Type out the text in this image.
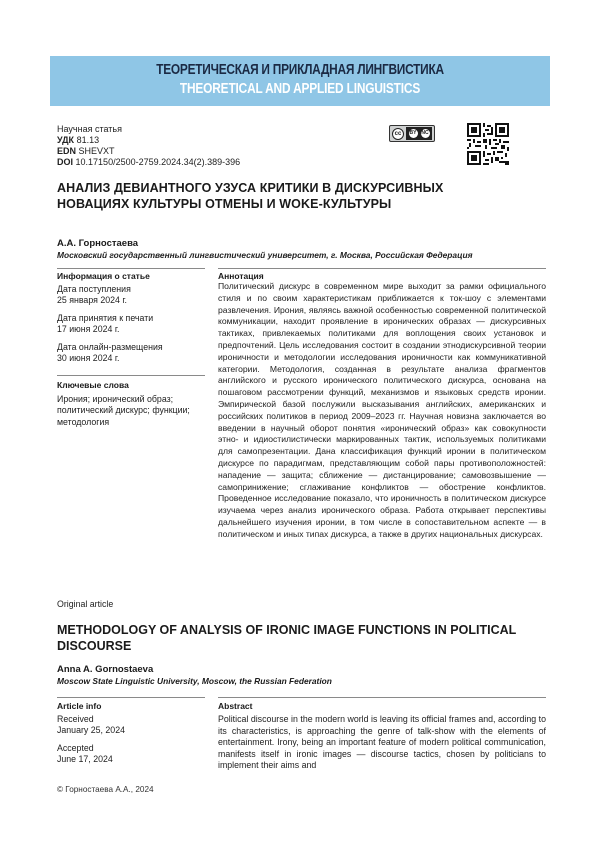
ТЕОРЕТИЧЕСКАЯ И ПРИКЛАДНАЯ ЛИНГВИСТИКА
THEORETICAL AND APPLIED LINGUISTICS
Научная статья
УДК 81.13
EDN SHEVXT
DOI 10.17150/2500-2759.2024.34(2).389-396
cc	BY NC
АНАЛИЗ ДЕВИАНТНОГО УЗУСА КРИТИКИ В ДИСКУРСИВНЫХ НОВАЦИЯХ КУЛЬТУРЫ ОТМЕНЫ И WOKE-КУЛЬТУРЫ
А.А. Горностаева
Московский государственный лингвистический университет, г. Москва, Российская Федерация
Информация о статье
Дата поступления
25 января 2024 г.
Дата принятия к печати
17 июня 2024 г.
Дата онлайн-размещения
30 июня 2024 г.
Ключевые слова
Ирония; иронический образ; политический дискурс; функции; методология
Аннотация
Политический дискурс в современном мире выходит за рамки официального стиля и по своим характеристикам приближается к ток-шоу с элементами развлечения. Ирония, являясь важной особенностью современной политической коммуникации, находит проявление в иронических образах — дискурсивных тактиках, привлекаемых политиками для воплощения своих установок и предпочтений. Цель исследования состоит в создании этнодискурсивной теории ироничности и методологии исследования ироничности как коммуникативной категории. Методология, созданная в результате анализа фрагментов английского и русского иронического политического дискурса, основана на пошаговом рассмотрении функций, механизмов и языковых средств иронии. Эмпирической базой послужили высказывания английских, американских и российских политиков в период 2009–2023 гг. Научная новизна заключается во введении в научный оборот понятия «иронический образ» как совокупности этно- и идиостилистически маркированных тактик, используемых политиками для самопрезентации. Дана классификация функций иронии в политическом дискурсе по парадигмам, представляющим собой пары противоположностей: нападение — защита; сближение — дистанцирование; самовозвышение — самопринижение; сглаживание конфликтов — обострение конфликтов. Проведенное исследование показало, что ироничность в политическом дискурсе изучаема через анализ иронического образа. Работа открывает перспективы дальнейшего изучения иронии, в том числе в сопоставительном аспекте — в политическом и иных типах дискурса, а также в других национальных дискурсах.
Original article
METHODOLOGY OF ANALYSIS OF IRONIC IMAGE FUNCTIONS IN POLITICAL DISCOURSE
Anna A. Gornostaeva
Moscow State Linguistic University, Moscow, the Russian Federation
Article info
Received
January 25, 2024
Accepted
June 17, 2024
Abstract
Political discourse in the modern world is leaving its official frames and, according to its characteristics, is approaching the genre of talk-show with the elements of entertainment. Irony, being an important feature of modern political communication, manifests itself in ironic images — discourse tactics, chosen by politicians to implement their aims and
© Горностаева А.А., 2024
